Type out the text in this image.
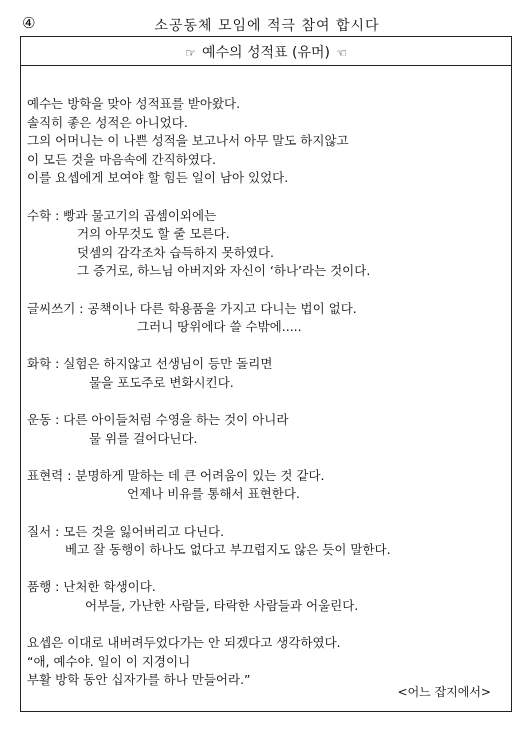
④	소공동체 모임에 적극 참여 합시다
☞ 예수의 성적표 (유머) ☜
예수는 방학을 맞아 성적표를 받아왔다.
솔직히 좋은 성적은 아니었다.
그의 어머니는 이 나쁜 성적을 보고나서 아무 말도 하지않고
이 모든 것을 마음속에 간직하였다.
이를 요셉에게 보여야 할 힘든 일이 남아 있었다.
수학 : 빵과 물고기의 곱셈이외에는
거의 아무것도 할 줄 모른다.
덧셈의 감각조차 습득하지 못하였다.
그 증거로, 하느님 아버지와 자신이 ‘하나’라는 것이다.
글씨쓰기 : 공책이나 다른 학용품을 가지고 다니는 법이 없다.
그러니 땅위에다 쓸 수밖에.....
화학 : 실험은 하지않고 선생님이 등만 돌리면
물을 포도주로 변화시킨다.
운동 : 다른 아이들처럼 수영을 하는 것이 아니라
물 위를 걸어다닌다.
표현력 : 분명하게 말하는 데 큰 어려움이 있는 것 같다.
언제나 비유를 통해서 표현한다.
질서 : 모든 것을 잃어버리고 다닌다.
베고 잘 동행이 하나도 없다고 부끄럽지도 않은 듯이 말한다.
품행 : 난처한 학생이다.
어부들, 가난한 사람들, 타락한 사람들과 어울린다.
요셉은 이대로 내버려두었다가는 안 되겠다고 생각하였다.
“애, 예수야. 일이 이 지경이니
부활 방학 동안 십자가를 하나 만들어라.”
<어느 잡지에서>
